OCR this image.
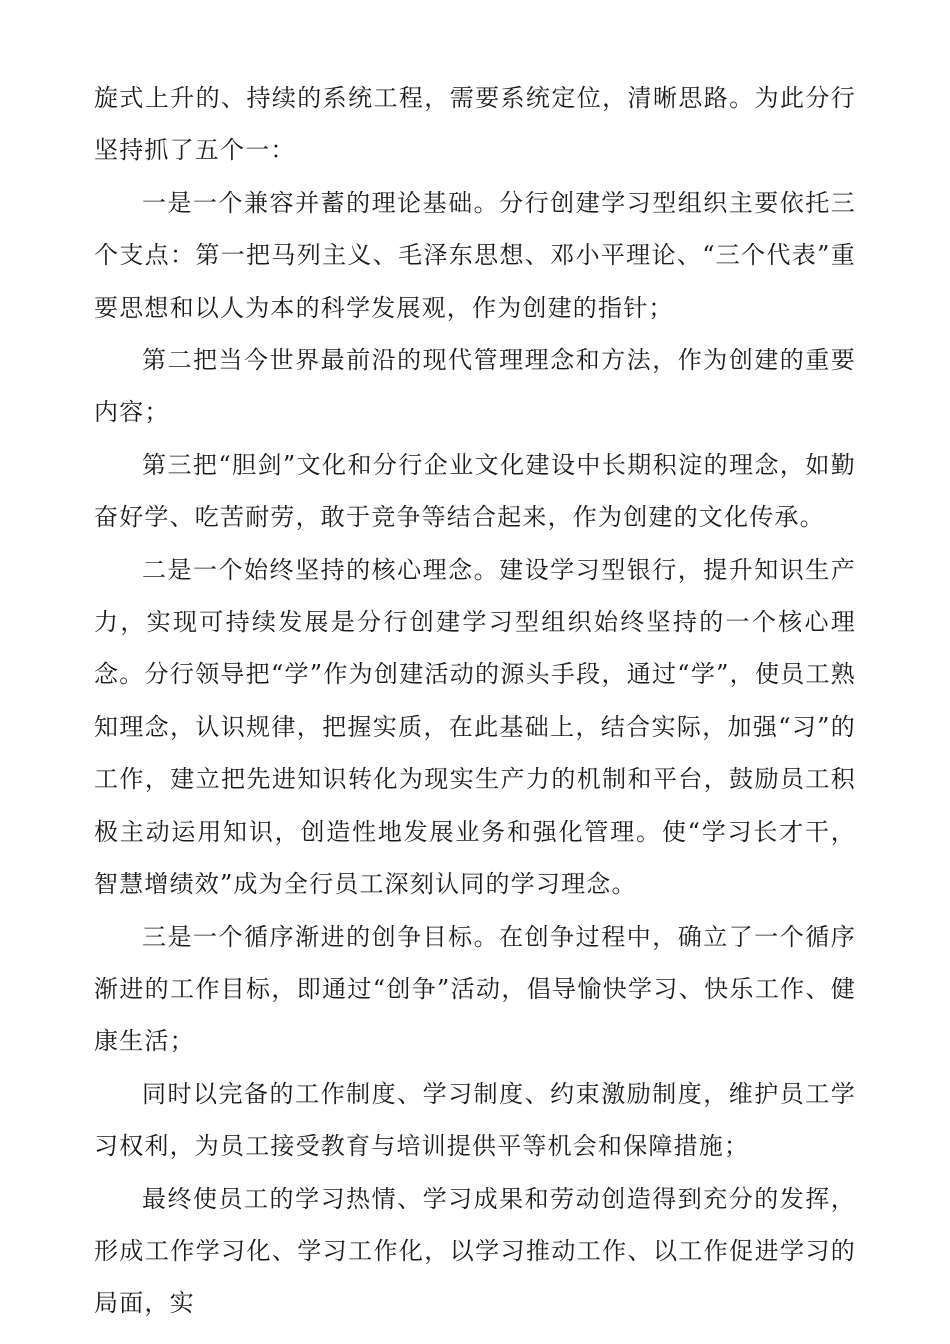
旋式上升的、持续的系统工程，需要系统定位，清晰思路。为此分行坚持抓了五个一：

一是一个兼容并蓄的理论基础。分行创建学习型组织主要依托三个支点：第一把马列主义、毛泽东思想、邓小平理论、“三个代表”重要思想和以人为本的科学发展观，作为创建的指针；

第二把当今世界最前沿的现代管理理念和方法，作为创建的重要内容；

第三把“胆剑”文化和分行企业文化建设中长期积淀的理念，如勤奋好学、吃苦耐劳，敢于竞争等结合起来，作为创建的文化传承。

二是一个始终坚持的核心理念。建设学习型银行，提升知识生产力，实现可持续发展是分行创建学习型组织始终坚持的一个核心理念。分行领导把“学”作为创建活动的源头手段，通过“学”，使员工熟知理念，认识规律，把握实质，在此基础上，结合实际，加强“习”的工作，建立把先进知识转化为现实生产力的机制和平台，鼓励员工积极主动运用知识，创造性地发展业务和强化管理。使“学习长才干，智慧增绩效”成为全行员工深刻认同的学习理念。

三是一个循序渐进的创争目标。在创争过程中，确立了一个循序渐进的工作目标，即通过“创争”活动，倡导愉快学习、快乐工作、健康生活；

同时以完备的工作制度、学习制度、约束激励制度，维护员工学习权利，为员工接受教育与培训提供平等机会和保障措施；

最终使员工的学习热情、学习成果和劳动创造得到充分的发挥，形成工作学习化、学习工作化，以学习推动工作、以工作促进学习的局面，实
